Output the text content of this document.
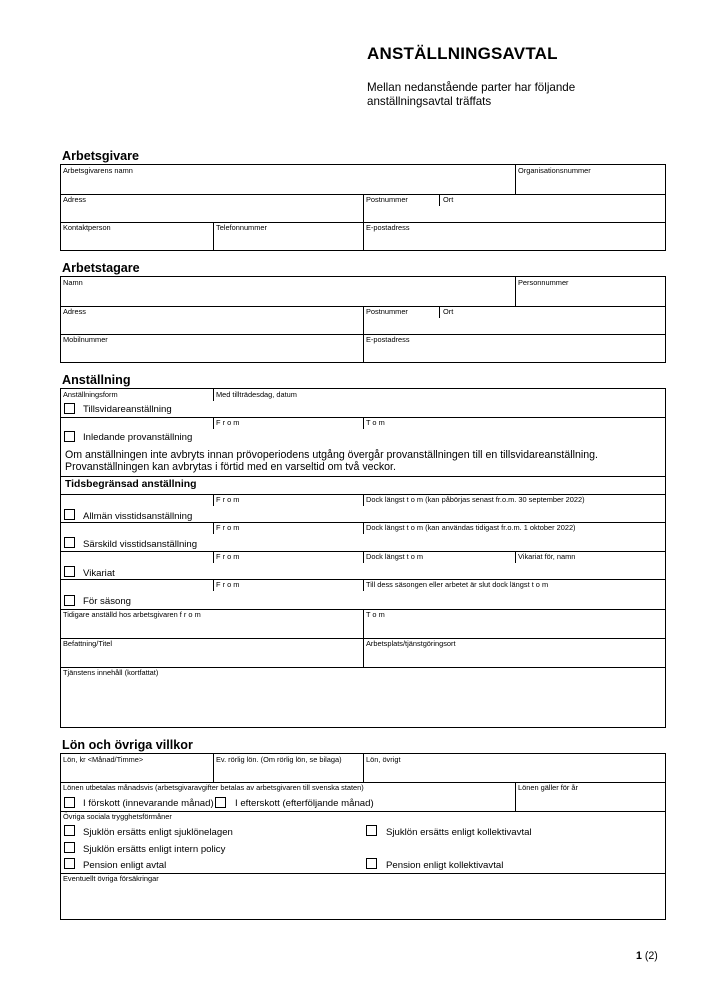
ANSTÄLLNINGSAVTAL
Mellan nedanstående parter har följande anställningsavtal träffats
Arbetsgivare
Arbetsgivarens namn	Organisationsnummer
Adress	Postnummer	Ort
Kontaktperson	Telefonnummer	E-postadress
Arbetstagare
Namn	Personnummer
Adress	Postnummer	Ort
Mobilnummer	E-postadress
Anställning
Anställningsform	Med tillträdesdag, datum
Tillsvidareanställning
F r o m	T o m
Inledande provanställning
Om anställningen inte avbryts innan prövoperiodens utgång övergår provanställningen till en tillsvidareanställning.
Provanställningen kan avbrytas i förtid med en varseltid om två veckor.
Tidsbegränsad anställning
F r o m	Dock längst t o m (kan påbörjas senast fr.o.m. 30 september 2022)
Allmän visstidsanställning
F r o m	Dock längst t o m (kan användas tidigast fr.o.m. 1 oktober 2022)
Särskild visstidsanställning
F r o m	Dock längst t o m	Vikariat för, namn
Vikariat
F r o m	Till dess säsongen eller arbetet är slut dock längst t o m
För säsong
Tidigare anställd hos arbetsgivaren f r o m	T o m
Befattning/Titel	Arbetsplats/tjänstgöringsort
Tjänstens innehåll (kortfattat)
Lön och övriga villkor
Lön, kr <Månad/Timme>	Ev. rörlig lön. (Om rörlig lön, se bilaga)	Lön, övrigt
Lönen utbetalas månadsvis (arbetsgivaravgifter betalas av arbetsgivaren till svenska staten)	Lönen gäller för år
I förskott (innevarande månad) I efterskott (efterföljande månad)
Övriga sociala trygghetsförmåner
Sjuklön ersätts enligt sjuklönelagen	Sjuklön ersätts enligt kollektivavtal
Sjuklön ersätts enligt intern policy
Pension enligt avtal	Pension enligt kollektivavtal
Eventuellt övriga försäkringar
1 (2)
